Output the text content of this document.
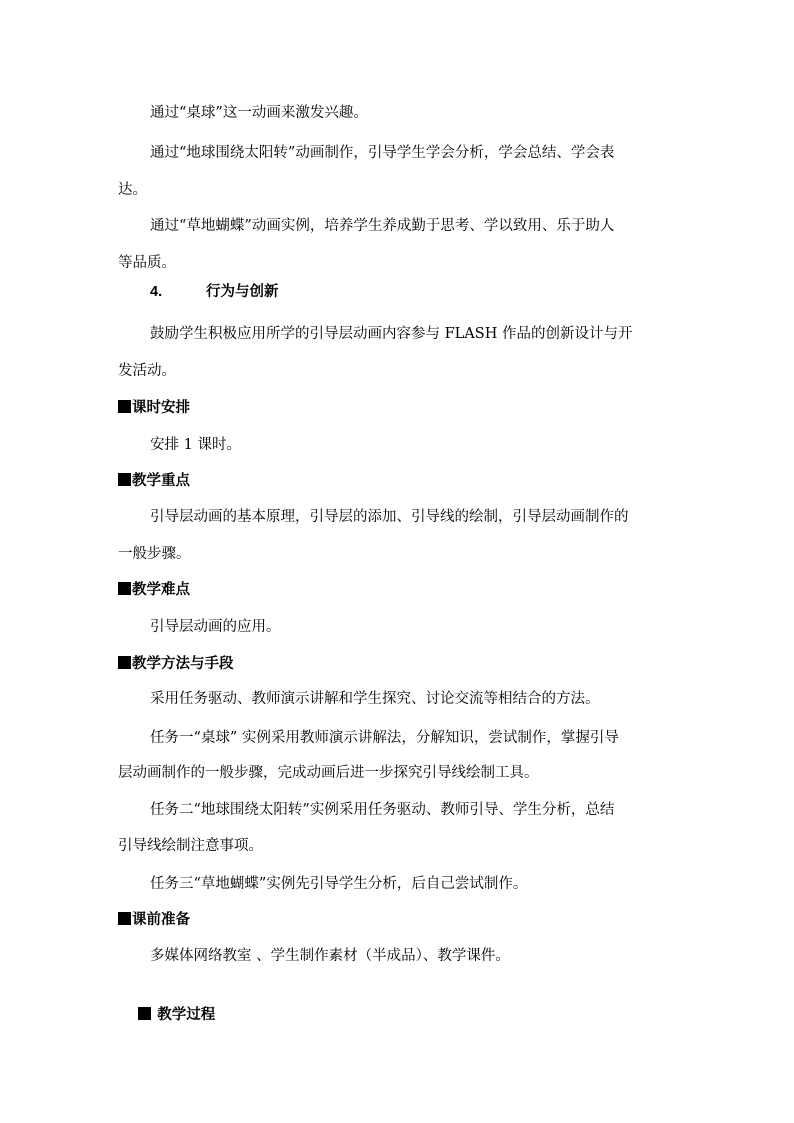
通过“桌球”这一动画来激发兴趣。
通过“地球围绕太阳转”动画制作，引导学生学会分析，学会总结、学会表
达。
通过“草地蝴蝶”动画实例，培养学生养成勤于思考、学以致用、乐于助人
等品质。
4.	行为与创新
鼓励学生积极应用所学的引导层动画内容参与 FLASH 作品的创新设计与开
发活动。
课时安排
安排 1 课时。
教学重点
引导层动画的基本原理，引导层的添加、引导线的绘制，引导层动画制作的
一般步骤。
教学难点
引导层动画的应用。
教学方法与手段
采用任务驱动、教师演示讲解和学生探究、讨论交流等相结合的方法。
任务一“桌球” 实例采用教师演示讲解法，分解知识，尝试制作，掌握引导
层动画制作的一般步骤，完成动画后进一步探究引导线绘制工具。
任务二“地球围绕太阳转”实例采用任务驱动、教师引导、学生分析，总结
引导线绘制注意事项。
任务三“草地蝴蝶”实例先引导学生分析，后自己尝试制作。
课前准备
多媒体网络教室 、学生制作素材（半成品）、教学课件。

教学过程
